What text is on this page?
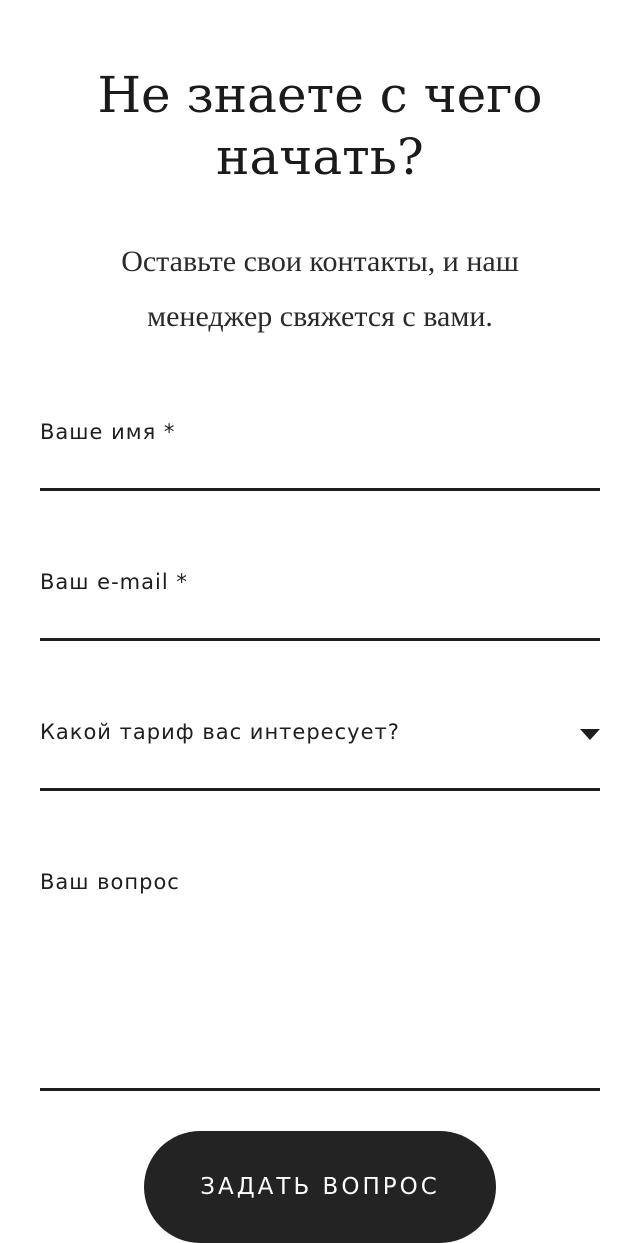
Не знаете с чего начать?

Оставьте свои контакты, и наш менеджер свяжется с вами.

Ваше имя *
Ваш e-mail *
Какой тариф вас интересует?
Ваш вопрос
ЗАДАТЬ ВОПРОС
